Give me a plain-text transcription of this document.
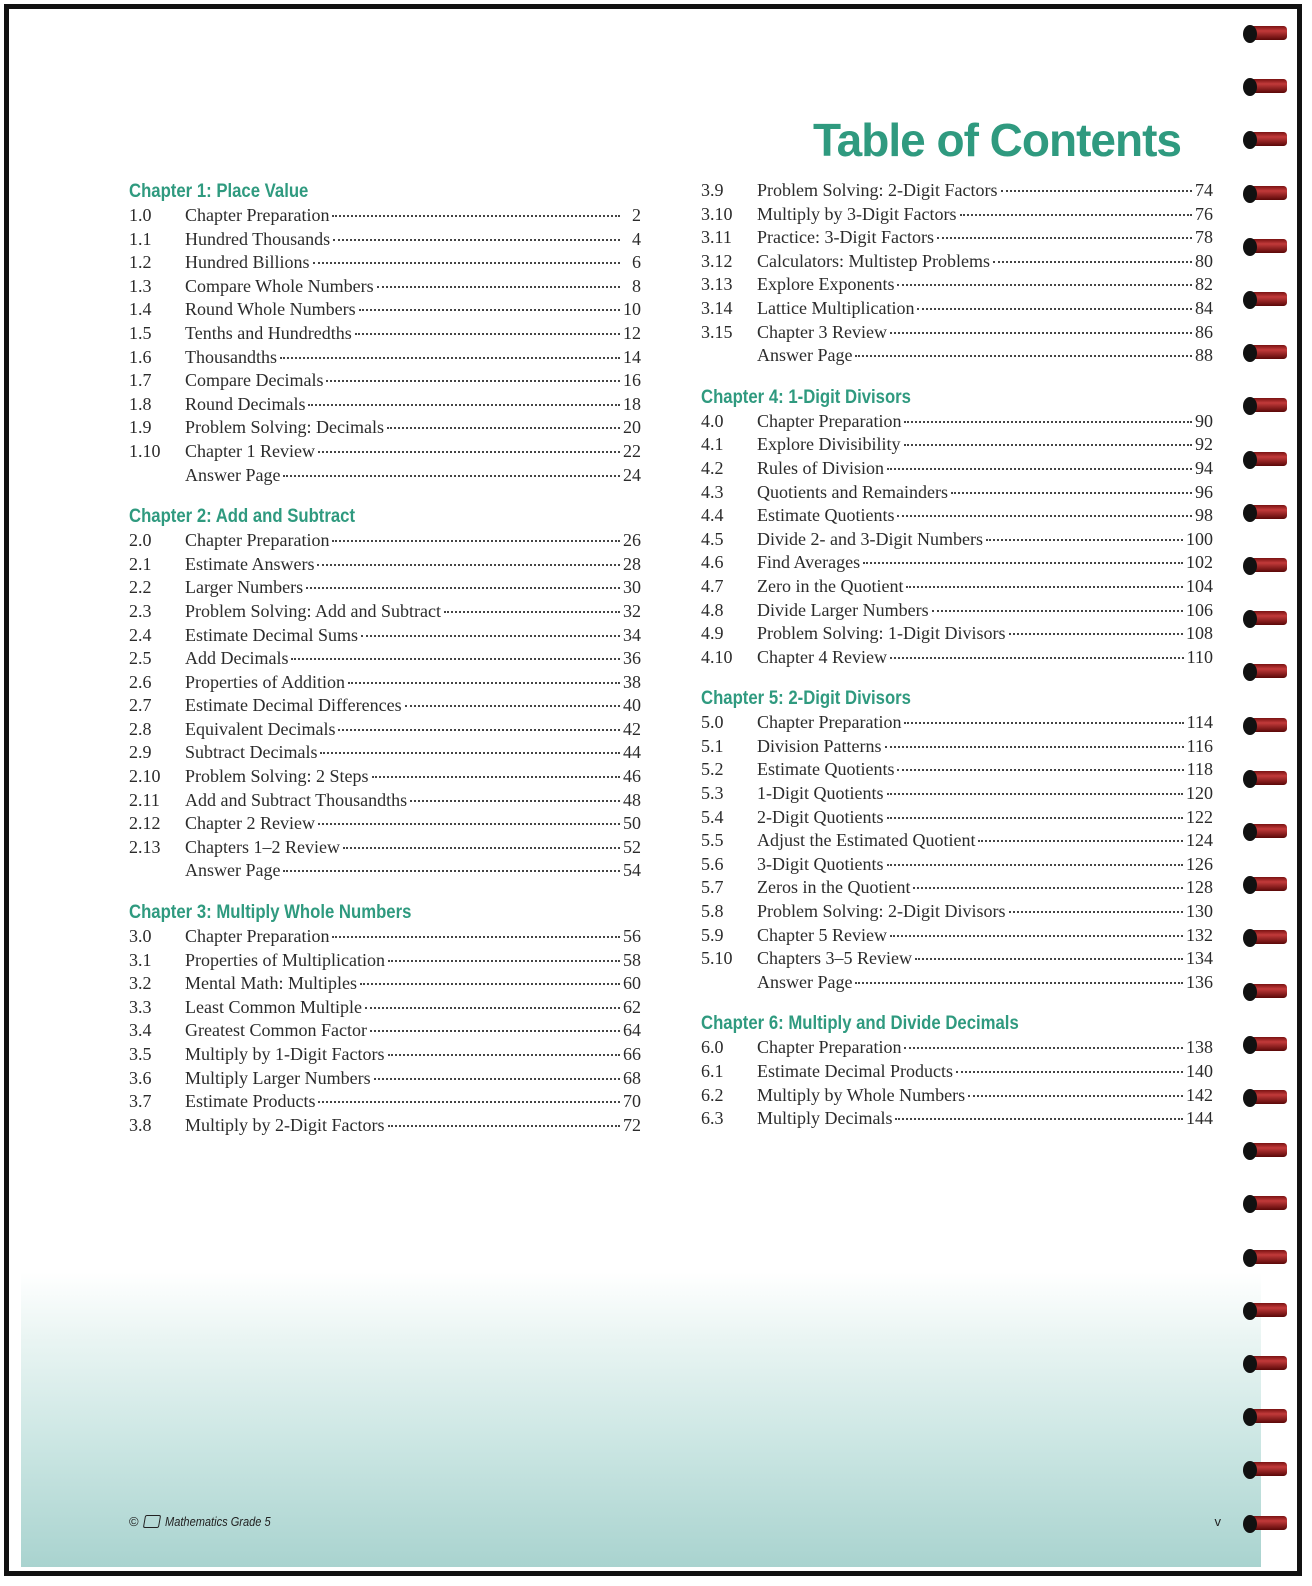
Table of Contents
Chapter 1: Place Value
1.0	Chapter Preparation	2
1.1	Hundred Thousands	4
1.2	Hundred Billions	6
1.3	Compare Whole Numbers	8
1.4	Round Whole Numbers	10
1.5	Tenths and Hundredths	12
1.6	Thousandths	14
1.7	Compare Decimals	16
1.8	Round Decimals	18
1.9	Problem Solving: Decimals	20
1.10	Chapter 1 Review	22
Answer Page	24
Chapter 2: Add and Subtract
2.0	Chapter Preparation	26
2.1	Estimate Answers	28
2.2	Larger Numbers	30
2.3	Problem Solving: Add and Subtract	32
2.4	Estimate Decimal Sums	34
2.5	Add Decimals	36
2.6	Properties of Addition	38
2.7	Estimate Decimal Differences	40
2.8	Equivalent Decimals	42
2.9	Subtract Decimals	44
2.10	Problem Solving: 2 Steps	46
2.11	Add and Subtract Thousandths	48
2.12	Chapter 2 Review	50
2.13	Chapters 1–2 Review	52
Answer Page	54
Chapter 3: Multiply Whole Numbers
3.0	Chapter Preparation	56
3.1	Properties of Multiplication	58
3.2	Mental Math: Multiples	60
3.3	Least Common Multiple	62
3.4	Greatest Common Factor	64
3.5	Multiply by 1-Digit Factors	66
3.6	Multiply Larger Numbers	68
3.7	Estimate Products	70
3.8	Multiply by 2-Digit Factors	72
3.9	Problem Solving: 2-Digit Factors	74
3.10	Multiply by 3-Digit Factors	76
3.11	Practice: 3-Digit Factors	78
3.12	Calculators: Multistep Problems	80
3.13	Explore Exponents	82
3.14	Lattice Multiplication	84
3.15	Chapter 3 Review	86
Answer Page	88
Chapter 4: 1-Digit Divisors
4.0	Chapter Preparation	90
4.1	Explore Divisibility	92
4.2	Rules of Division	94
4.3	Quotients and Remainders	96
4.4	Estimate Quotients	98
4.5	Divide 2- and 3-Digit Numbers	100
4.6	Find Averages	102
4.7	Zero in the Quotient	104
4.8	Divide Larger Numbers	106
4.9	Problem Solving: 1-Digit Divisors	108
4.10	Chapter 4 Review	110
Chapter 5: 2-Digit Divisors
5.0	Chapter Preparation	114
5.1	Division Patterns	116
5.2	Estimate Quotients	118
5.3	1-Digit Quotients	120
5.4	2-Digit Quotients	122
5.5	Adjust the Estimated Quotient	124
5.6	3-Digit Quotients	126
5.7	Zeros in the Quotient	128
5.8	Problem Solving: 2-Digit Divisors	130
5.9	Chapter 5 Review	132
5.10	Chapters 3–5 Review	134
Answer Page	136
Chapter 6: Multiply and Divide Decimals
6.0	Chapter Preparation	138
6.1	Estimate Decimal Products	140
6.2	Multiply by Whole Numbers	142
6.3	Multiply Decimals	144
© Mathematics Grade 5	v
